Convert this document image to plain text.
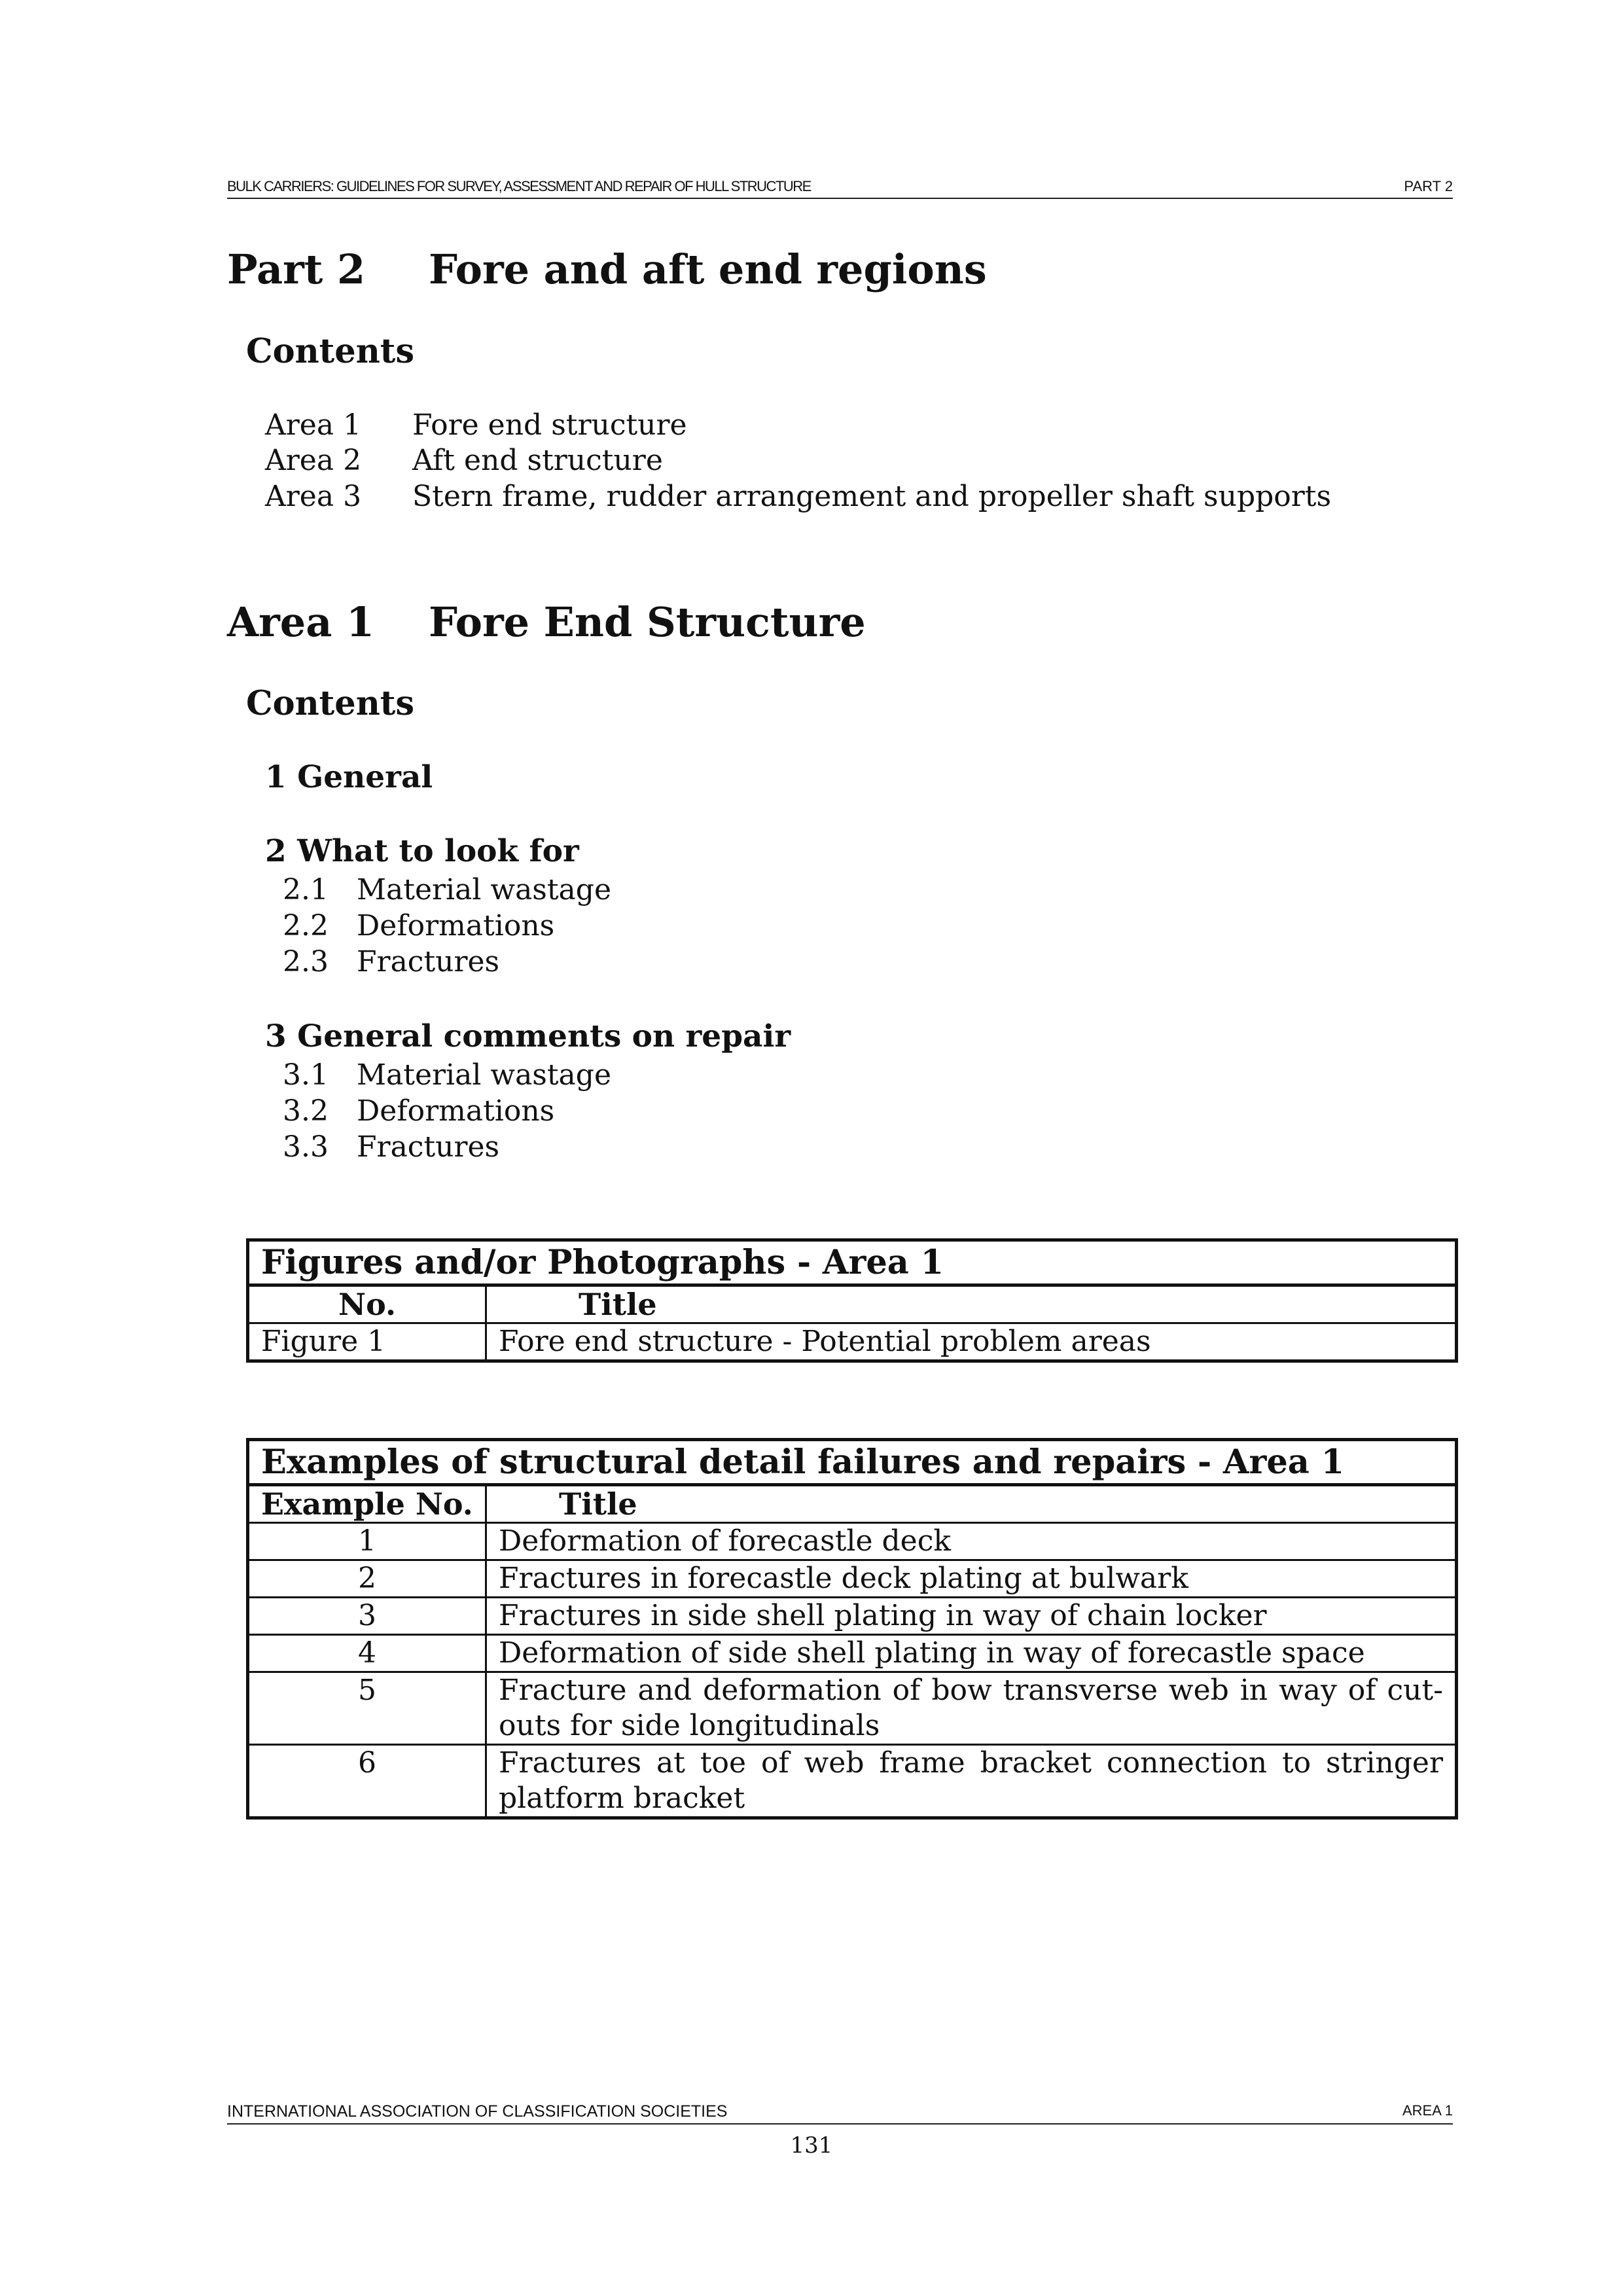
BULK CARRIERS: GUIDELINES FOR SURVEY, ASSESSMENT AND REPAIR OF HULL STRUCTURE	PART 2
Part 2 Fore and aft end regions
Contents
Area 1 Fore end structure
Area 2 Aft end structure
Area 3 Stern frame, rudder arrangement and propeller shaft supports
Area 1 Fore End Structure
Contents
1 General
2 What to look for
2.1 Material wastage
2.2 Deformations
2.3 Fractures
3 General comments on repair
3.1 Material wastage
3.2 Deformations
3.3 Fractures
Figures and/or Photographs - Area 1	
No.	Title
Figure 1	Fore end structure - Potential problem areas
Examples of structural detail failures and repairs - Area 1	
Example No.	Title
1	Deformation of forecastle deck
2	Fractures in forecastle deck plating at bulwark
3	Fractures in side shell plating in way of chain locker
4	Deformation of side shell plating in way of forecastle space
5	Fracture and deformation of bow transverse web in way of cut-outs for side longitudinals
6	Fractures at toe of web frame bracket connection to stringer platform bracket
INTERNATIONAL ASSOCIATION OF CLASSIFICATION SOCIETIES	AREA 1
131
